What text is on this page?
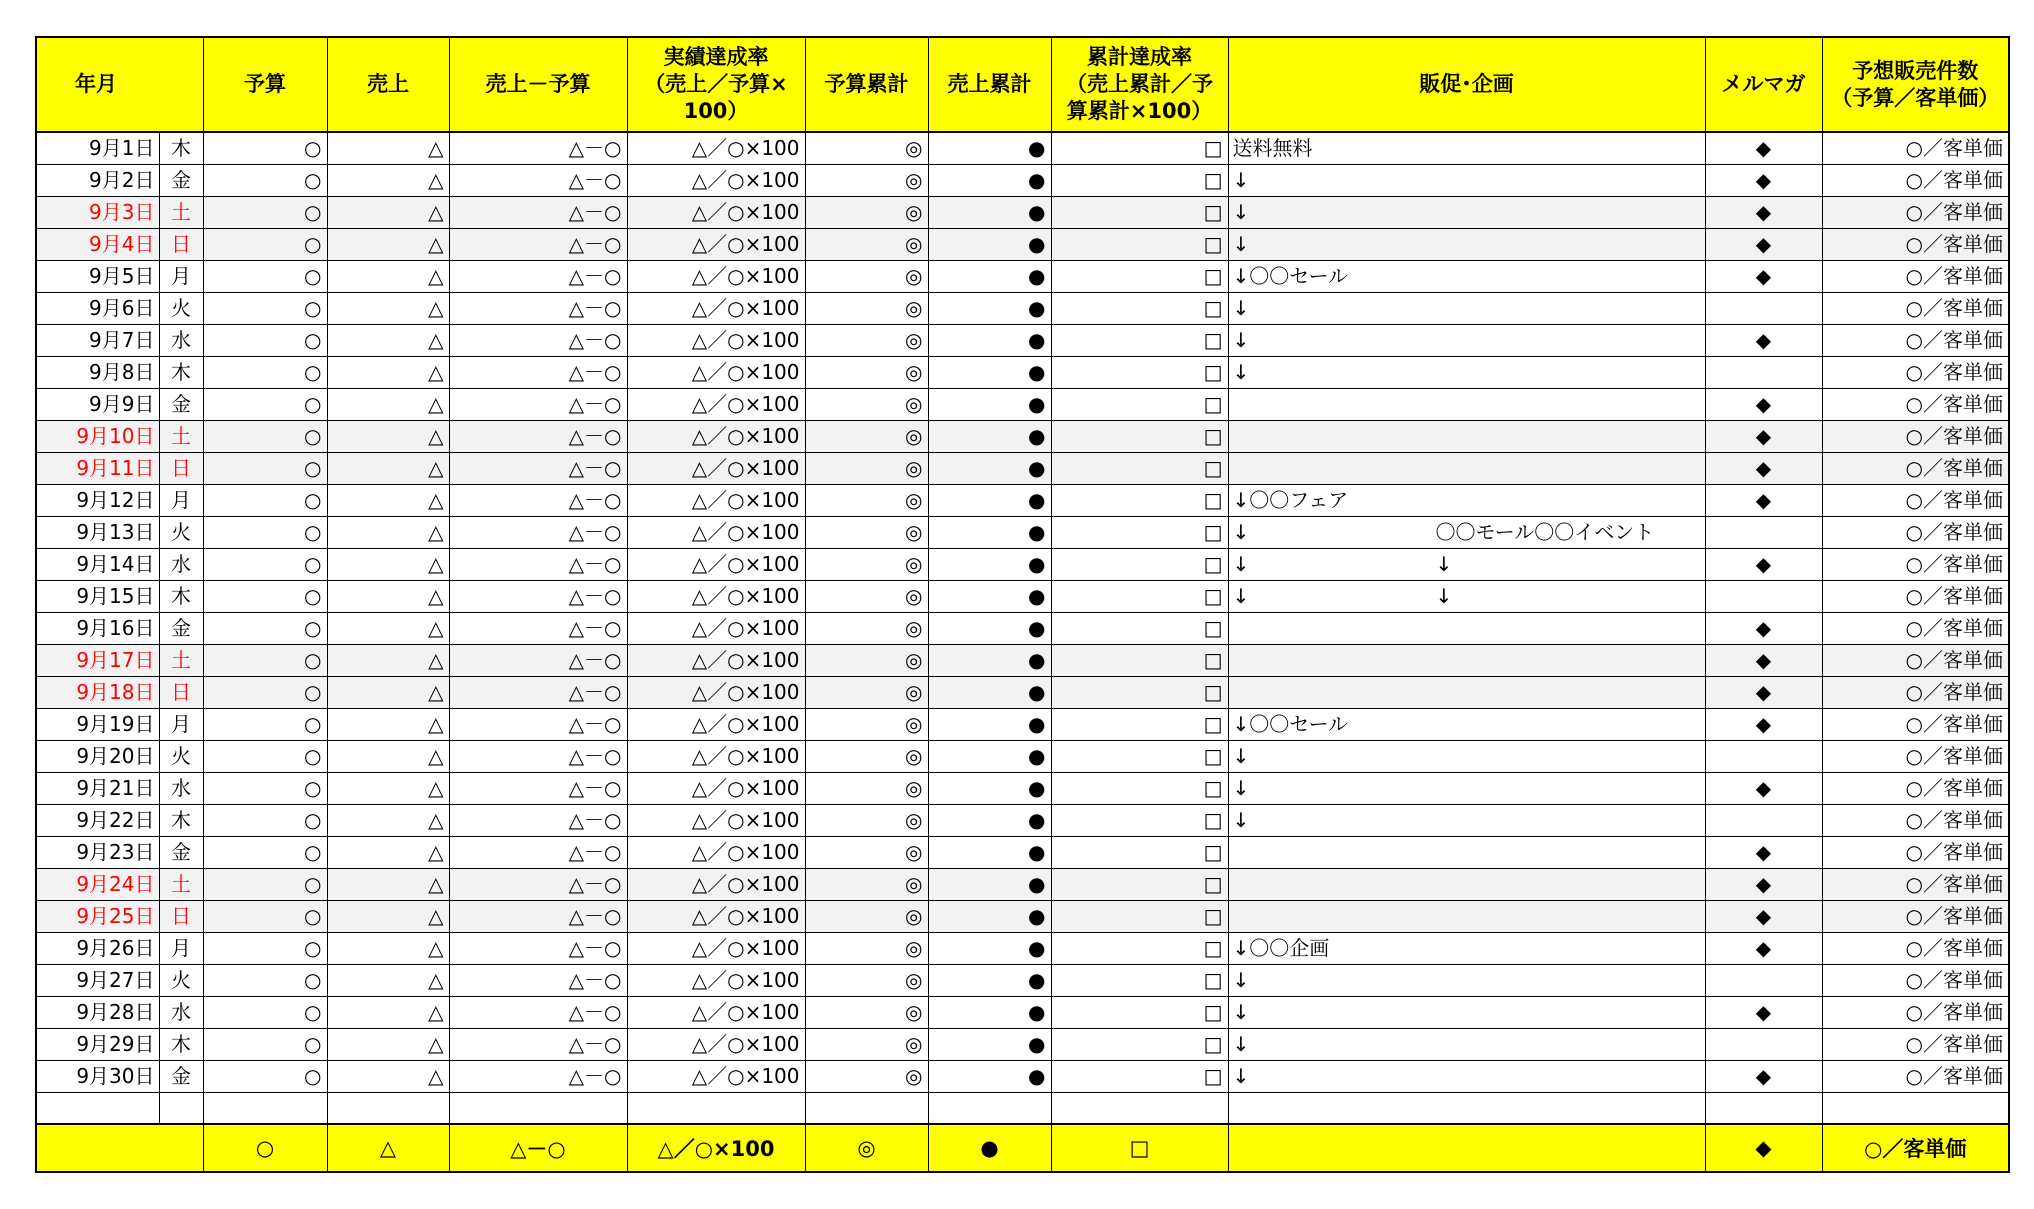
年月		予算	売上	売上－予算	実績達成率
（売上／予算×
100）	予算累計	売上累計	累計達成率
（売上累計／予
算累計×100）	販促･企画	メルマガ	予想販売件数
（予算／客単価）
9月1日	木	○	△	△－○	△／○×100	◎	●	□	送料無料	◆	○／客単価
9月2日	金	○	△	△－○	△／○×100	◎	●	□	↓	◆	○／客単価
9月3日	土	○	△	△－○	△／○×100	◎	●	□	↓	◆	○／客単価
9月4日	日	○	△	△－○	△／○×100	◎	●	□	↓	◆	○／客単価
9月5日	月	○	△	△－○	△／○×100	◎	●	□	↓〇〇セール	◆	○／客単価
9月6日	火	○	△	△－○	△／○×100	◎	●	□	↓		○／客単価
9月7日	水	○	△	△－○	△／○×100	◎	●	□	↓	◆	○／客単価
9月8日	木	○	△	△－○	△／○×100	◎	●	□	↓		○／客単価
9月9日	金	○	△	△－○	△／○×100	◎	●	□		◆	○／客単価
9月10日	土	○	△	△－○	△／○×100	◎	●	□		◆	○／客単価
9月11日	日	○	△	△－○	△／○×100	◎	●	□		◆	○／客単価
9月12日	月	○	△	△－○	△／○×100	◎	●	□	↓〇〇フェア	◆	○／客単価
9月13日	火	○	△	△－○	△／○×100	◎	●	□	↓ 〇〇モール〇〇イベント		○／客単価
9月14日	水	○	△	△－○	△／○×100	◎	●	□	↓ ↓	◆	○／客単価
9月15日	木	○	△	△－○	△／○×100	◎	●	□	↓ ↓		○／客単価
9月16日	金	○	△	△－○	△／○×100	◎	●	□		◆	○／客単価
9月17日	土	○	△	△－○	△／○×100	◎	●	□		◆	○／客単価
9月18日	日	○	△	△－○	△／○×100	◎	●	□		◆	○／客単価
9月19日	月	○	△	△－○	△／○×100	◎	●	□	↓〇〇セール	◆	○／客単価
9月20日	火	○	△	△－○	△／○×100	◎	●	□	↓		○／客単価
9月21日	水	○	△	△－○	△／○×100	◎	●	□	↓	◆	○／客単価
9月22日	木	○	△	△－○	△／○×100	◎	●	□	↓		○／客単価
9月23日	金	○	△	△－○	△／○×100	◎	●	□		◆	○／客単価
9月24日	土	○	△	△－○	△／○×100	◎	●	□		◆	○／客単価
9月25日	日	○	△	△－○	△／○×100	◎	●	□		◆	○／客単価
9月26日	月	○	△	△－○	△／○×100	◎	●	□	↓〇〇企画	◆	○／客単価
9月27日	火	○	△	△－○	△／○×100	◎	●	□	↓		○／客単価
9月28日	水	○	△	△－○	△／○×100	◎	●	□	↓	◆	○／客単価
9月29日	木	○	△	△－○	△／○×100	◎	●	□	↓		○／客単価
9月30日	金	○	△	△－○	△／○×100	◎	●	□	↓	◆	○／客単価

		○	△	△－○	△／○×100	◎	●	□		◆	○／客単価
